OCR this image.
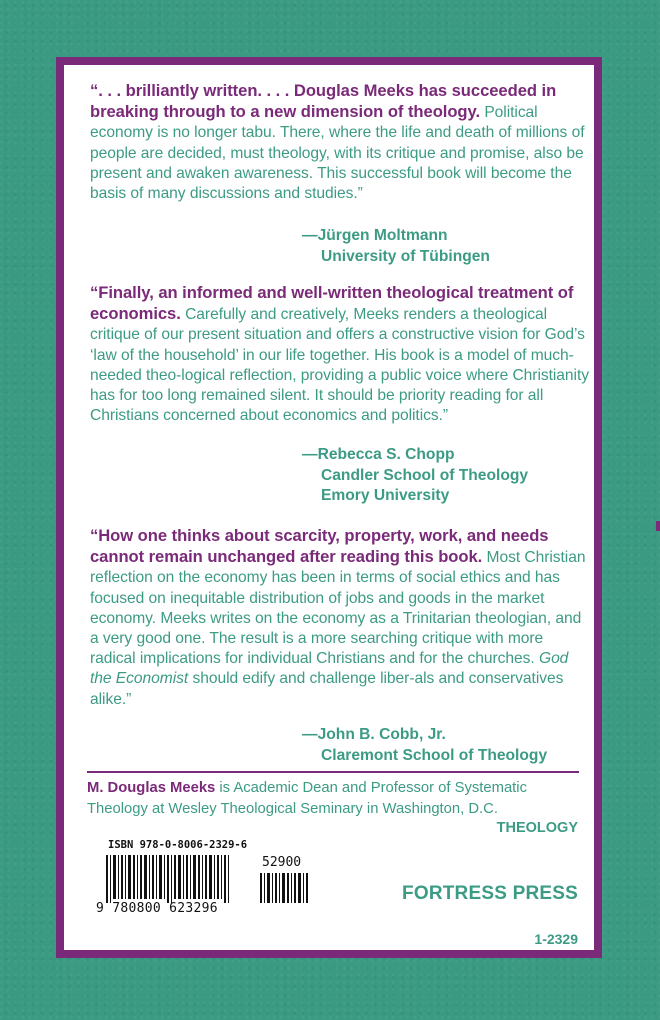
“. . . brilliantly written. . . . Douglas Meeks has succeeded in breaking through to a new dimension of theology. Political economy is no longer tabu. There, where the life and death of millions of people are decided, must theology, with its critique and promise, also be present and awaken awareness. This successful book will become the basis of many discussions and studies.”
—Jürgen Moltmann
University of Tübingen
“Finally, an informed and well-written theological treatment of economics. Carefully and creatively, Meeks renders a theological critique of our present situation and offers a constructive vision for God’s ‘law of the household’ in our life together. His book is a model of much-needed theo-logical reflection, providing a public voice where Christianity has for too long remained silent. It should be priority reading for all Christians concerned about economics and politics.”
—Rebecca S. Chopp
Candler School of Theology
Emory University
“How one thinks about scarcity, property, work, and needs cannot remain unchanged after reading this book. Most Christian reflection on the economy has been in terms of social ethics and has focused on inequitable distribution of jobs and goods in the market economy. Meeks writes on the economy as a Trinitarian theologian, and a very good one. The result is a more searching critique with more radical implications for individual Christians and for the churches. God the Economist should edify and challenge liber-als and conservatives alike.”
—John B. Cobb, Jr.
Claremont School of Theology
M. Douglas Meeks is Academic Dean and Professor of Systematic Theology at Wesley Theological Seminary in Washington, D.C.
THEOLOGY
ISBN 978-0-8006-2329-6
52900
9 780800 623296
FORTRESS PRESS
1-2329
